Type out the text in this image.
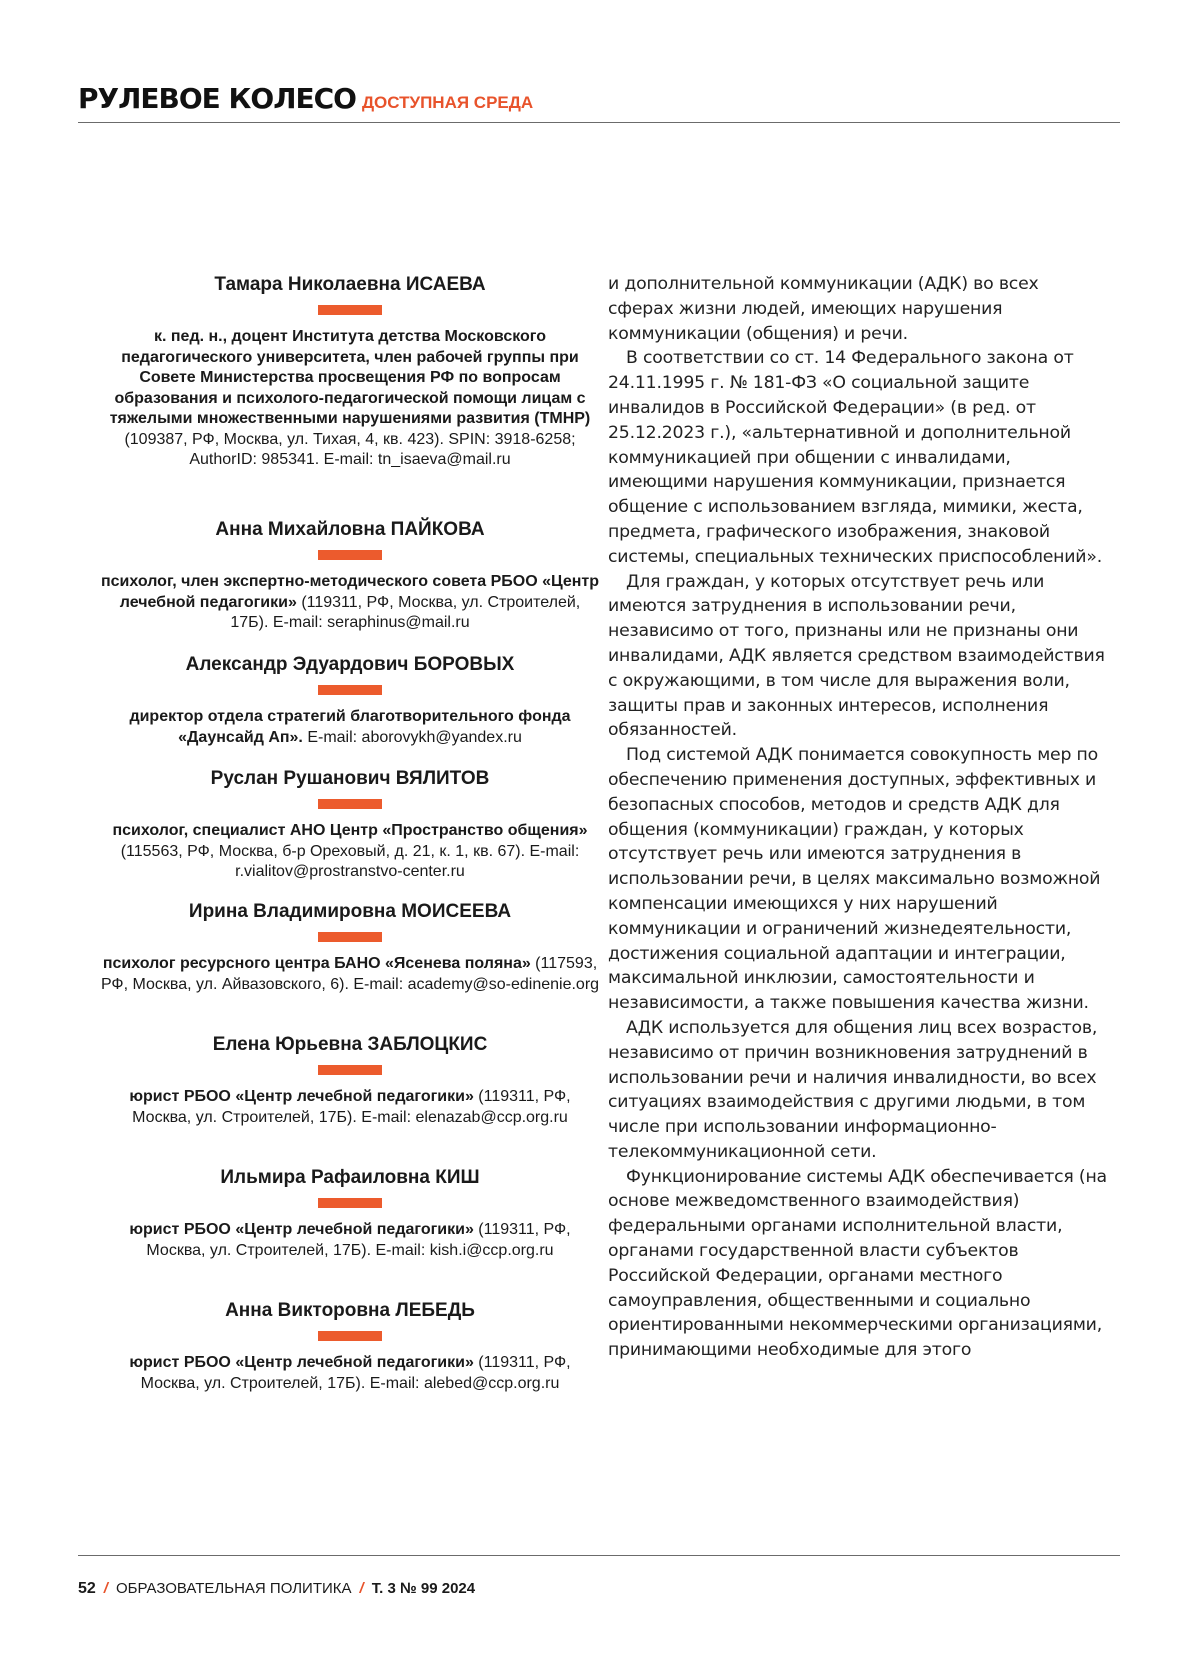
РУЛЕВОЕ КОЛЕСО ДОСТУПНАЯ СРЕДА
Тамара Николаевна ИСАЕВА
к. пед. н., доцент Института детства Московского педагогического университета, член рабочей группы при Совете Министерства просвещения РФ по вопросам образования и психолого-педагогической помощи лицам с тяжелыми множественными нарушениями развития (ТМНР) (109387, РФ, Москва, ул. Тихая, 4, кв. 423). SPIN: 3918-6258; AuthorID: 985341. E-mail: tn_isaeva@mail.ru
Анна Михайловна ПАЙКОВА
психолог, член экспертно-методического совета РБОО «Центр лечебной педагогики» (119311, РФ, Москва, ул. Строителей, 17Б). E-mail: seraphinus@mail.ru
Александр Эдуардович БОРОВЫХ
директор отдела стратегий благотворительного фонда «Даунсайд Ап». E-mail: aborovykh@yandex.ru
Руслан Рушанович ВЯЛИТОВ
психолог, специалист АНО Центр «Пространство общения» (115563, РФ, Москва, б-р Ореховый, д. 21, к. 1, кв. 67). E-mail: r.vialitov@prostranstvo-center.ru
Ирина Владимировна МОИСЕЕВА
психолог ресурсного центра БАНО «Ясенева поляна» (117593, РФ, Москва, ул. Айвазовского, 6). E-mail: academy@so-edinenie.org
Елена Юрьевна ЗАБЛОЦКИС
юрист РБОО «Центр лечебной педагогики» (119311, РФ, Москва, ул. Строителей, 17Б). E-mail: elenazab@ccp.org.ru
Ильмира Рафаиловна КИШ
юрист РБОО «Центр лечебной педагогики» (119311, РФ, Москва, ул. Строителей, 17Б). E-mail: kish.i@ccp.org.ru
Анна Викторовна ЛЕБЕДЬ
юрист РБОО «Центр лечебной педагогики» (119311, РФ, Москва, ул. Строителей, 17Б). E-mail: alebed@ccp.org.ru

и дополнительной коммуникации (АДК) во всех сферах жизни людей, имеющих нарушения коммуникации (общения) и речи.

В соответствии со ст. 14 Федерального закона от 24.11.1995 г. № 181-ФЗ «О социальной защите инвалидов в Российской Федерации» (в ред. от 25.12.2023 г.), «альтернативной и дополнительной коммуникацией при общении с инвалидами, имеющими нарушения коммуникации, признается общение с использованием взгляда, мимики, жеста, предмета, графического изображения, знаковой системы, специальных технических приспособлений».

Для граждан, у которых отсутствует речь или имеются затруднения в использовании речи, независимо от того, признаны или не признаны они инвалидами, АДК является средством взаимодействия с окружающими, в том числе для выражения воли, защиты прав и законных интересов, исполнения обязанностей.

Под системой АДК понимается совокупность мер по обеспечению применения доступных, эффективных и безопасных способов, методов и средств АДК для общения (коммуникации) граждан, у которых отсутствует речь или имеются затруднения в использовании речи, в целях максимально возможной компенсации имеющихся у них нарушений коммуникации и ограничений жизнедеятельности, достижения социальной адаптации и интеграции, максимальной инклюзии, самостоятельности и независимости, а также повышения качества жизни.

АДК используется для общения лиц всех возрастов, независимо от причин возникновения затруднений в использовании речи и наличия инвалидности, во всех ситуациях взаимодействия с другими людьми, в том числе при использовании информационно-телекоммуникационной сети.

Функционирование системы АДК обеспечивается (на основе межведомственного взаимодействия) федеральными органами исполнительной власти, органами государственной власти субъектов Российской Федерации, органами местного самоуправления, общественными и социально ориентированными некоммерческими организациями, принимающими необходимые для этого

52 / ОБРАЗОВАТЕЛЬНАЯ ПОЛИТИКА / Т. 3 № 99 2024
